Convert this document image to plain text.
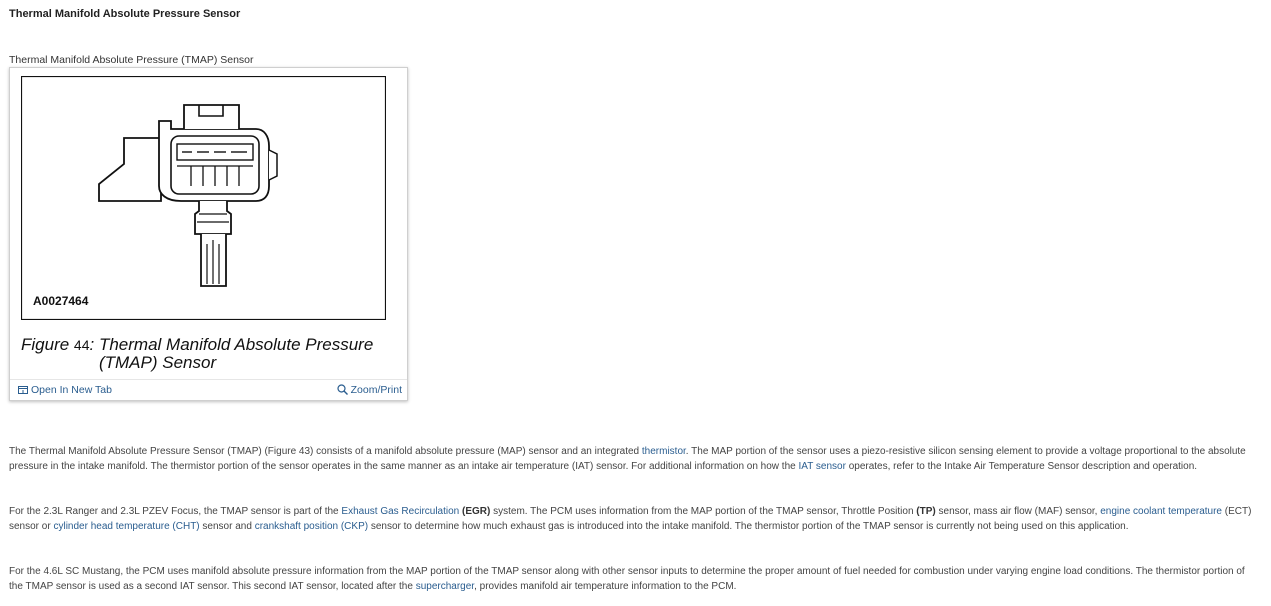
Thermal Manifold Absolute Pressure Sensor
Thermal Manifold Absolute Pressure (TMAP) Sensor
A0027464
Figure 44: Thermal Manifold Absolute Pressure
(TMAP) Sensor
Open In New Tab	Zoom/Print

The Thermal Manifold Absolute Pressure Sensor (TMAP) (Figure 43) consists of a manifold absolute pressure (MAP) sensor and an integrated thermistor. The MAP portion of the sensor uses a piezo-resistive silicon sensing element to provide a voltage proportional to the absolute pressure in the intake manifold. The thermistor portion of the sensor operates in the same manner as an intake air temperature (IAT) sensor. For additional information on how the IAT sensor operates, refer to the Intake Air Temperature Sensor description and operation.

For the 2.3L Ranger and 2.3L PZEV Focus, the TMAP sensor is part of the Exhaust Gas Recirculation (EGR) system. The PCM uses information from the MAP portion of the TMAP sensor, Throttle Position (TP) sensor, mass air flow (MAF) sensor, engine coolant temperature (ECT) sensor or cylinder head temperature (CHT) sensor and crankshaft position (CKP) sensor to determine how much exhaust gas is introduced into the intake manifold. The thermistor portion of the TMAP sensor is currently not being used on this application.

For the 4.6L SC Mustang, the PCM uses manifold absolute pressure information from the MAP portion of the TMAP sensor along with other sensor inputs to determine the proper amount of fuel needed for combustion under varying engine load conditions. The thermistor portion of the TMAP sensor is used as a second IAT sensor. This second IAT sensor, located after the supercharger, provides manifold air temperature information to the PCM.
